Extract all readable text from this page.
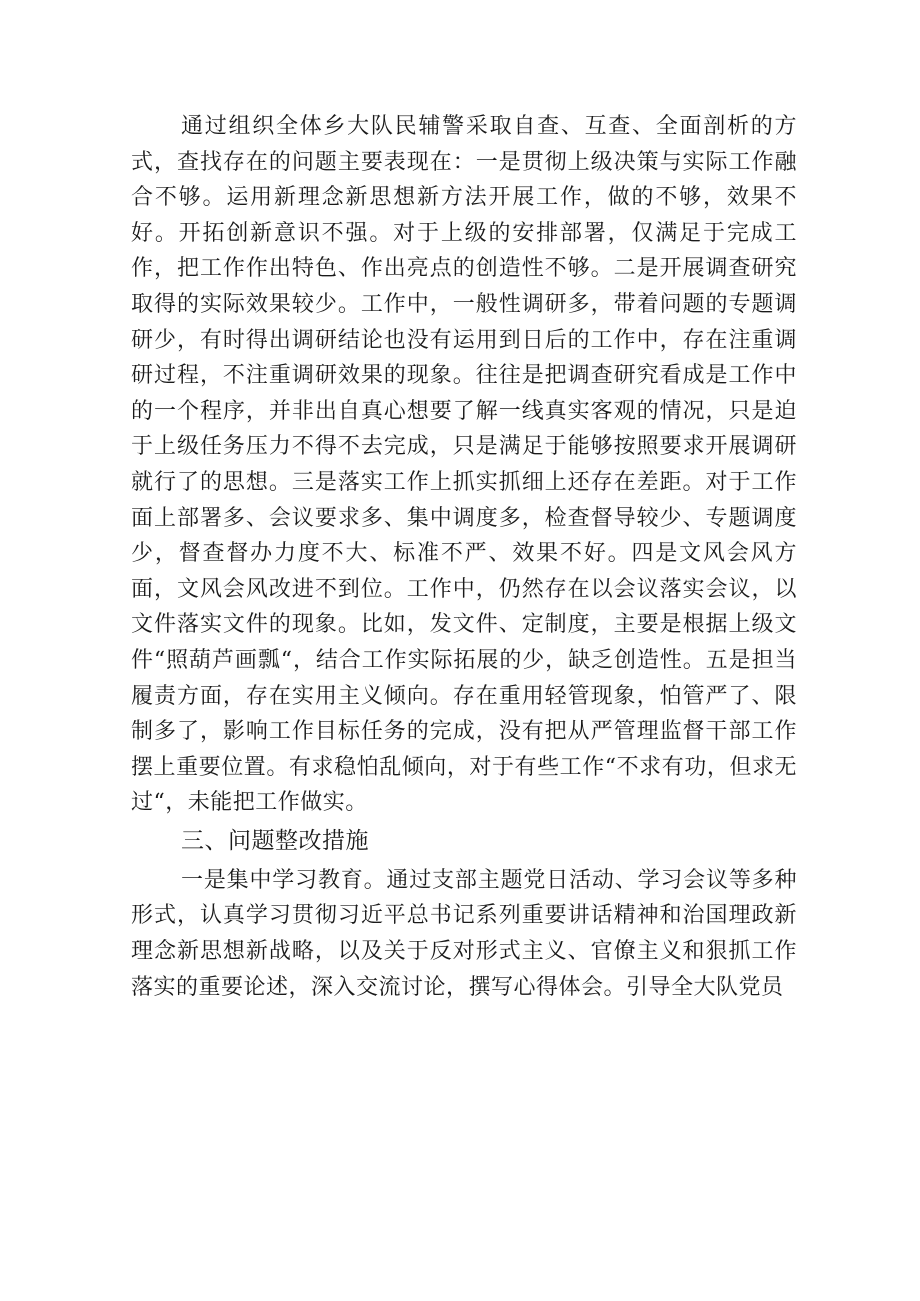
通过组织全体乡大队民辅警采取自查、互查、全面剖析的方式，查找存在的问题主要表现在：一是贯彻上级决策与实际工作融合不够。运用新理念新思想新方法开展工作，做的不够，效果不好。开拓创新意识不强。对于上级的安排部署，仅满足于完成工作，把工作作出特色、作出亮点的创造性不够。二是开展调查研究取得的实际效果较少。工作中，一般性调研多，带着问题的专题调研少，有时得出调研结论也没有运用到日后的工作中，存在注重调研过程，不注重调研效果的现象。往往是把调查研究看成是工作中的一个程序，并非出自真心想要了解一线真实客观的情况，只是迫于上级任务压力不得不去完成，只是满足于能够按照要求开展调研就行了的思想。三是落实工作上抓实抓细上还存在差距。对于工作面上部署多、会议要求多、集中调度多，检查督导较少、专题调度少，督查督办力度不大、标准不严、效果不好。四是文风会风方面，文风会风改进不到位。工作中，仍然存在以会议落实会议，以文件落实文件的现象。比如，发文件、定制度，主要是根据上级文件“照葫芦画瓢“，结合工作实际拓展的少，缺乏创造性。五是担当履责方面，存在实用主义倾向。存在重用轻管现象，怕管严了、限制多了，影响工作目标任务的完成，没有把从严管理监督干部工作摆上重要位置。有求稳怕乱倾向，对于有些工作“不求有功，但求无过“，未能把工作做实。

三、问题整改措施

一是集中学习教育。通过支部主题党日活动、学习会议等多种形式，认真学习贯彻习近平总书记系列重要讲话精神和治国理政新理念新思想新战略，以及关于反对形式主义、官僚主义和狠抓工作落实的重要论述，深入交流讨论，撰写心得体会。引导全大队党员
